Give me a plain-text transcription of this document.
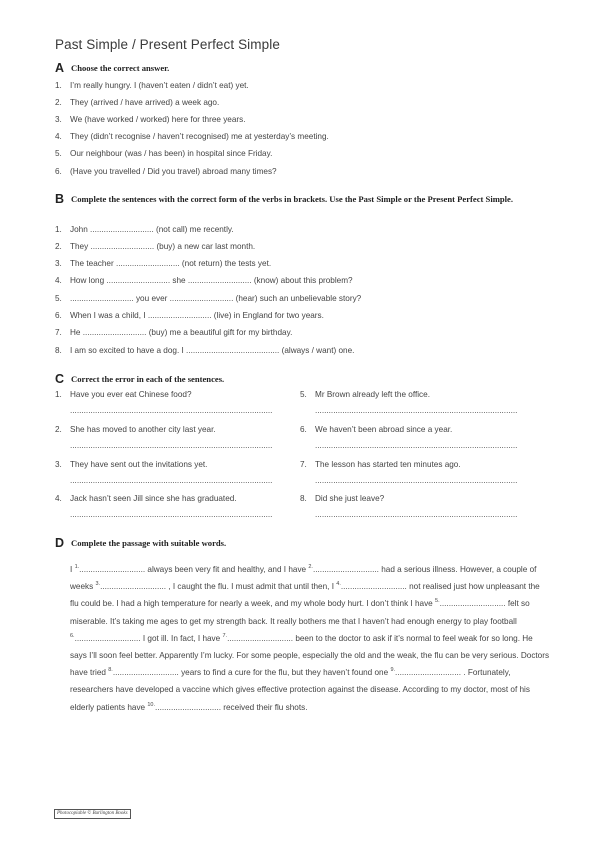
Past Simple / Present Perfect Simple
A Choose the correct answer.
1. I’m really hungry. I (haven’t eaten / didn’t eat) yet.
2. They (arrived / have arrived) a week ago.
3. We (have worked / worked) here for three years.
4. They (didn’t recognise / haven’t recognised) me at yesterday’s meeting.
5. Our neighbour (was / has been) in hospital since Friday.
6. (Have you travelled / Did you travel) abroad many times?
B Complete the sentences with the correct form of the verbs in brackets. Use the Past Simple or the Present Perfect Simple.
1. John ............................ (not call) me recently.
2. They ............................ (buy) a new car last month.
3. The teacher ............................ (not return) the tests yet.
4. How long ............................ she ............................ (know) about this problem?
5. ............................ you ever ............................ (hear) such an unbelievable story?
6. When I was a child, I ............................ (live) in England for two years.
7. He ............................ (buy) me a beautiful gift for my birthday.
8. I am so excited to have a dog. I ......................................... (always / want) one.
C Correct the error in each of the sentences.
1. Have you ever eat Chinese food?
.........................................................................................
2. She has moved to another city last year.
.........................................................................................
3. They have sent out the invitations yet.
.........................................................................................
4. Jack hasn’t seen Jill since she has graduated.
.........................................................................................
5. Mr Brown already left the office.
.........................................................................................
6. We haven’t been abroad since a year.
.........................................................................................
7. The lesson has started ten minutes ago.
.........................................................................................
8. Did she just leave?
.........................................................................................
D Complete the passage with suitable words.
I $^{1.}$............................. always been very fit and healthy, and I have $^{2.}$............................. had a serious illness. However, a couple of weeks $^{3.}$............................. , I caught the flu. I must admit that until then, I $^{4.}$............................. not realised just how unpleasant the flu could be. I had a high temperature for nearly a week, and my whole body hurt. I don’t think I have $^{5.}$............................. felt so miserable. It’s taking me ages to get my strength back. It really bothers me that I haven’t had enough energy to play football $^{6.}$............................. I got ill. In fact, I have $^{7.}$............................. been to the doctor to ask if it’s normal to feel weak for so long. He says I’ll soon feel better. Apparently I’m lucky. For some people, especially the old and the weak, the flu can be very serious. Doctors have tried $^{8.}$............................. years to find a cure for the flu, but they haven’t found one $^{9.}$............................. . Fortunately, researchers have developed a vaccine which gives effective protection against the disease. According to my doctor, most of his elderly patients have $^{10.}$............................. received their flu shots.
Photocopiable © Burlington Books
